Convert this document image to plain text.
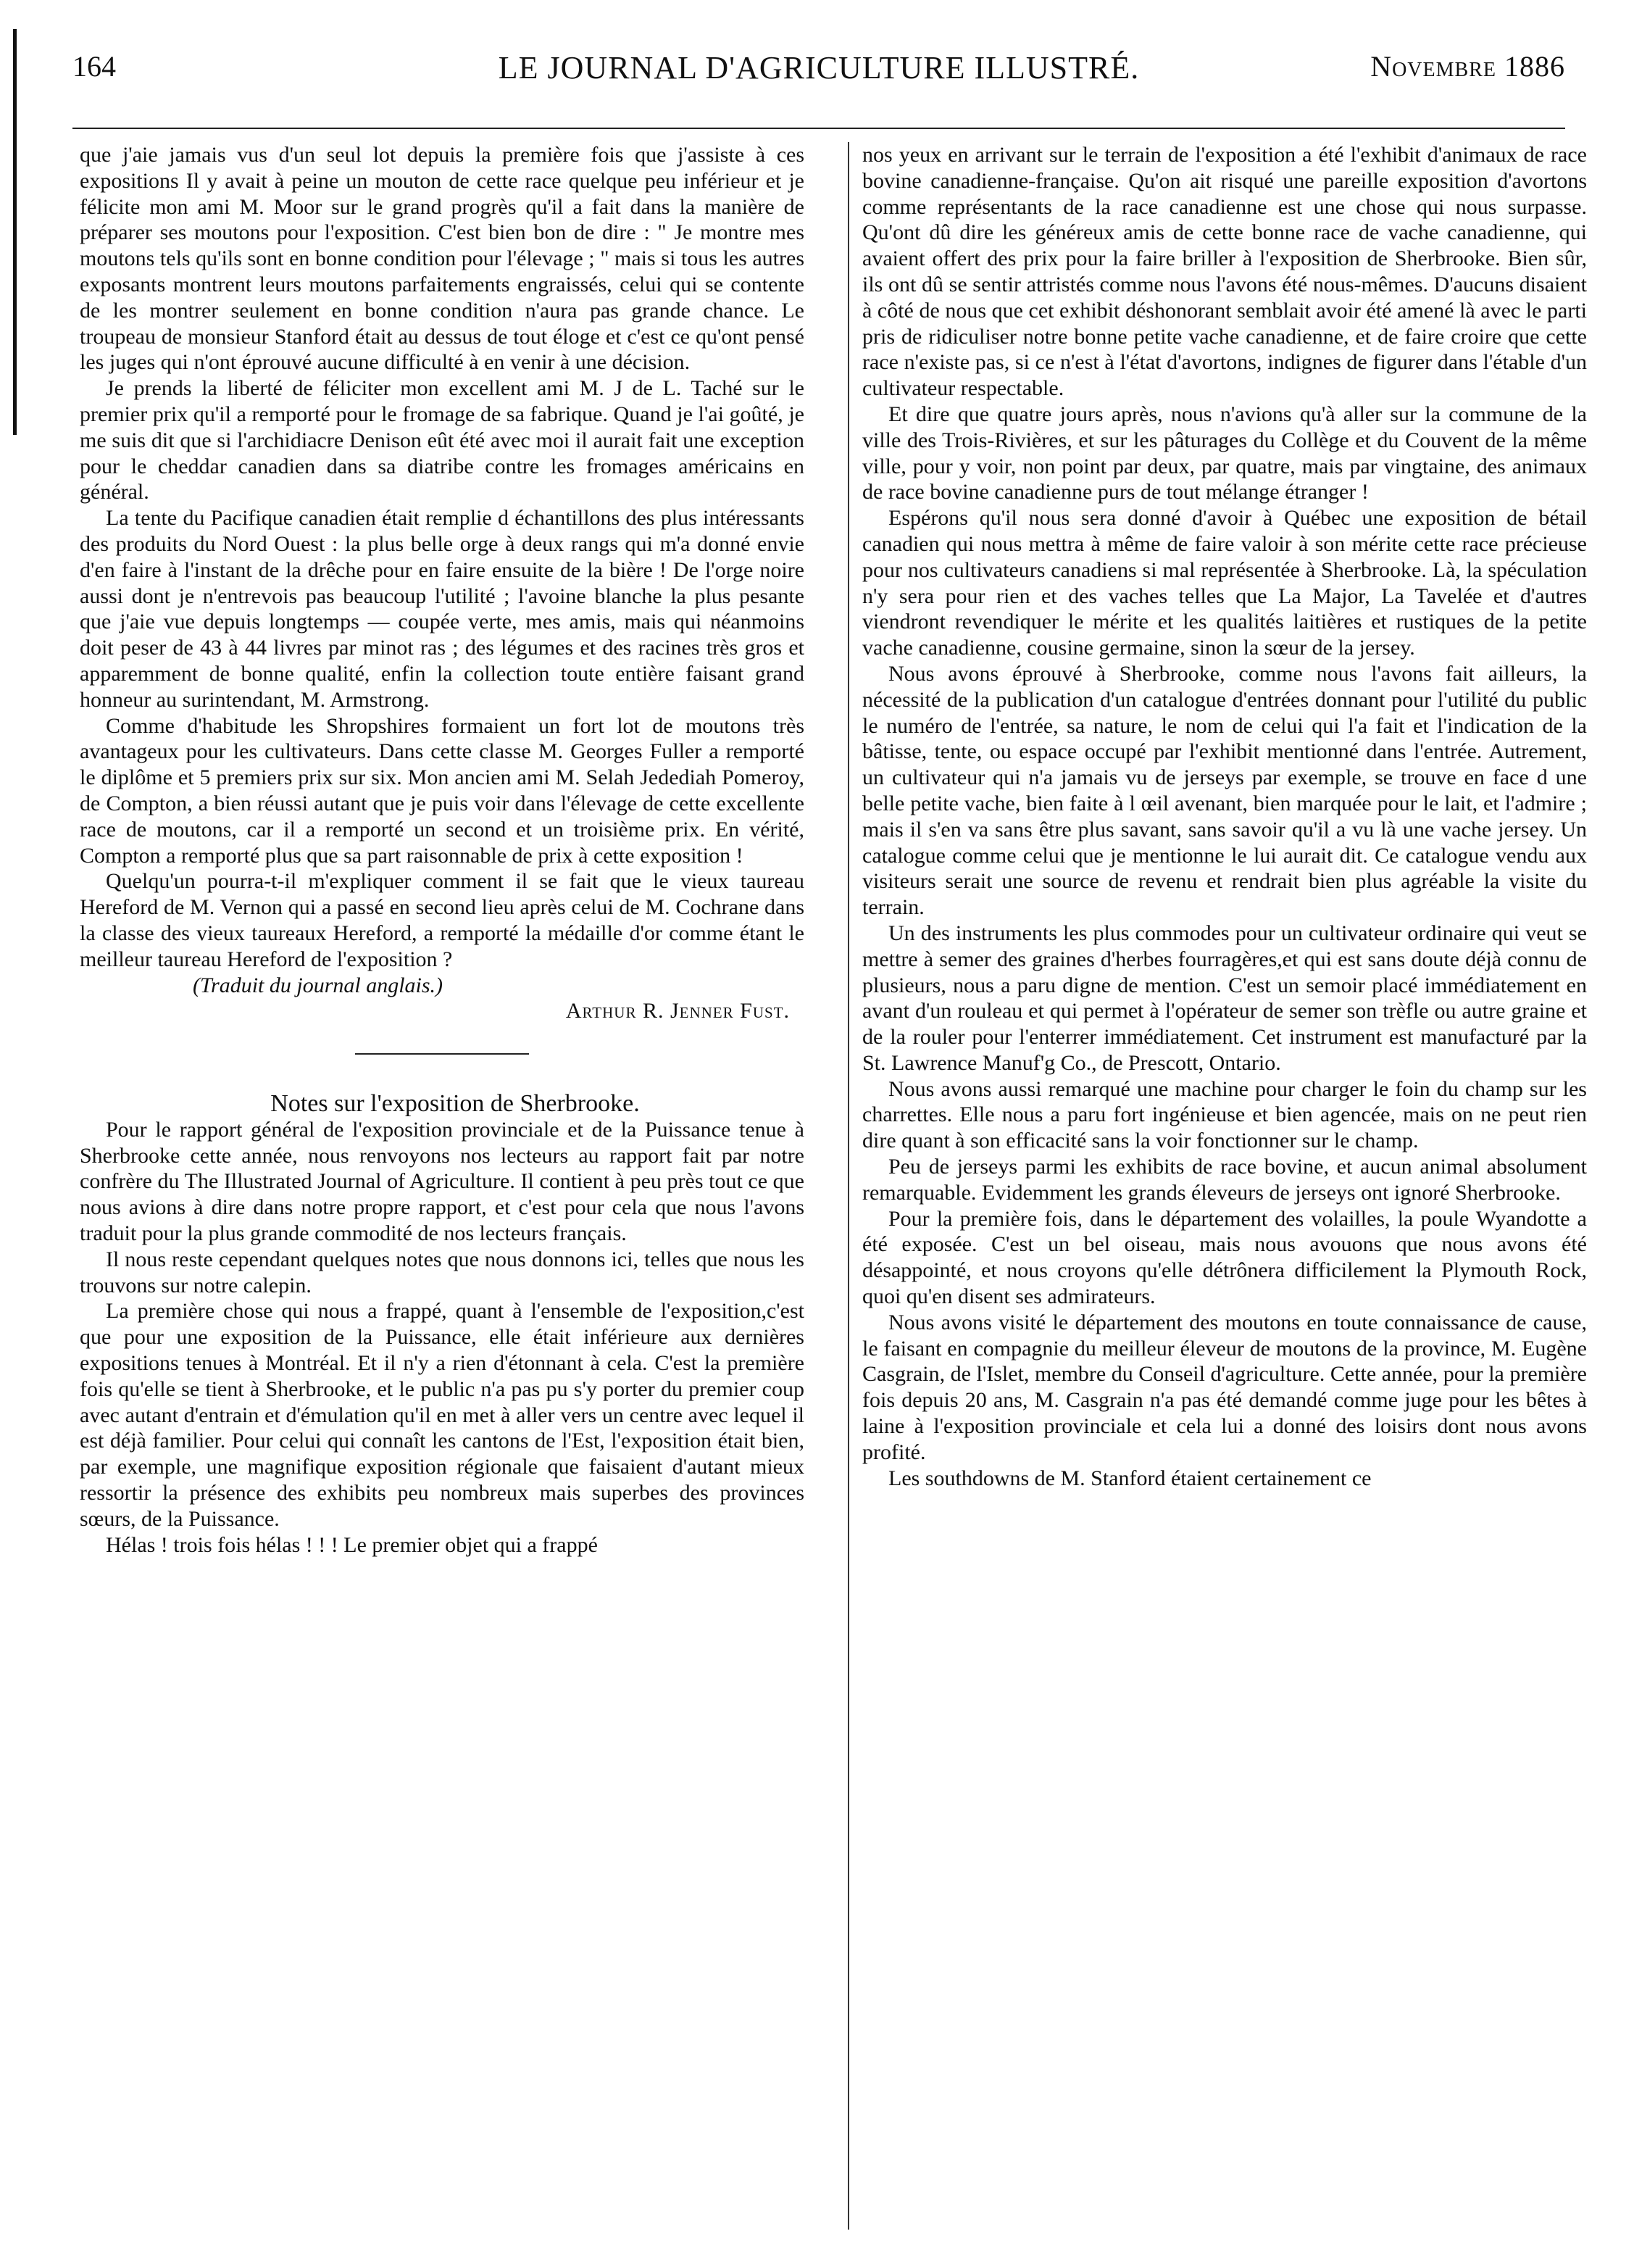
164	LE JOURNAL D'AGRICULTURE ILLUSTRÉ.	Novembre 1886

que j'aie jamais vus d'un seul lot depuis la première fois que j'assiste à ces expositions Il y avait à peine un mouton de cette race quelque peu inférieur et je félicite mon ami M. Moor sur le grand progrès qu'il a fait dans la manière de préparer ses moutons pour l'exposition. C'est bien bon de dire : " Je montre mes moutons tels qu'ils sont en bonne condition pour l'élevage ; " mais si tous les autres exposants montrent leurs moutons parfaitements engraissés, celui qui se contente de les montrer seulement en bonne condition n'aura pas grande chance. Le troupeau de monsieur Stanford était au dessus de tout éloge et c'est ce qu'ont pensé les juges qui n'ont éprouvé aucune difficulté à en venir à une décision.

Je prends la liberté de féliciter mon excellent ami M. J de L. Taché sur le premier prix qu'il a remporté pour le fromage de sa fabrique. Quand je l'ai goûté, je me suis dit que si l'archidiacre Denison eût été avec moi il aurait fait une exception pour le cheddar canadien dans sa diatribe contre les fromages américains en général.

La tente du Pacifique canadien était remplie d échantillons des plus intéressants des produits du Nord Ouest : la plus belle orge à deux rangs qui m'a donné envie d'en faire à l'instant de la drêche pour en faire ensuite de la bière ! De l'orge noire aussi dont je n'entrevois pas beaucoup l'utilité ; l'avoine blanche la plus pesante que j'aie vue depuis longtemps — coupée verte, mes amis, mais qui néanmoins doit peser de 43 à 44 livres par minot ras ; des légumes et des racines très gros et apparemment de bonne qualité, enfin la collection toute entière faisant grand honneur au surintendant, M. Armstrong.

Comme d'habitude les Shropshires formaient un fort lot de moutons très avantageux pour les cultivateurs. Dans cette classe M. Georges Fuller a remporté le diplôme et 5 premiers prix sur six. Mon ancien ami M. Selah Jedediah Pomeroy, de Compton, a bien réussi autant que je puis voir dans l'élevage de cette excellente race de moutons, car il a remporté un second et un troisième prix. En vérité, Compton a remporté plus que sa part raisonnable de prix à cette exposition !

Quelqu'un pourra-t-il m'expliquer comment il se fait que le vieux taureau Hereford de M. Vernon qui a passé en second lieu après celui de M. Cochrane dans la classe des vieux taureaux Hereford, a remporté la médaille d'or comme étant le meilleur taureau Hereford de l'exposition ?

(Traduit du journal anglais.)

Arthur R. Jenner Fust.

Notes sur l'exposition de Sherbrooke.

Pour le rapport général de l'exposition provinciale et de la Puissance tenue à Sherbrooke cette année, nous renvoyons nos lecteurs au rapport fait par notre confrère du The Illustrated Journal of Agriculture. Il contient à peu près tout ce que nous avions à dire dans notre propre rapport, et c'est pour cela que nous l'avons traduit pour la plus grande commodité de nos lecteurs français.

Il nous reste cependant quelques notes que nous donnons ici, telles que nous les trouvons sur notre calepin.

La première chose qui nous a frappé, quant à l'ensemble de l'exposition,c'est que pour une exposition de la Puissance, elle était inférieure aux dernières expositions tenues à Montréal. Et il n'y a rien d'étonnant à cela. C'est la première fois qu'elle se tient à Sherbrooke, et le public n'a pas pu s'y porter du premier coup avec autant d'entrain et d'émulation qu'il en met à aller vers un centre avec lequel il est déjà familier. Pour celui qui connaît les cantons de l'Est, l'exposition était bien, par exemple, une magnifique exposition régionale que faisaient d'autant mieux ressortir la présence des exhibits peu nombreux mais superbes des provinces sœurs, de la Puissance.

Hélas ! trois fois hélas ! ! ! Le premier objet qui a frappé

nos yeux en arrivant sur le terrain de l'exposition a été l'exhibit d'animaux de race bovine canadienne-française. Qu'on ait risqué une pareille exposition d'avortons comme représentants de la race canadienne est une chose qui nous surpasse. Qu'ont dû dire les généreux amis de cette bonne race de vache canadienne, qui avaient offert des prix pour la faire briller à l'exposition de Sherbrooke. Bien sûr, ils ont dû se sentir attristés comme nous l'avons été nous-mêmes. D'aucuns disaient à côté de nous que cet exhibit déshonorant semblait avoir été amené là avec le parti pris de ridiculiser notre bonne petite vache canadienne, et de faire croire que cette race n'existe pas, si ce n'est à l'état d'avortons, indignes de figurer dans l'étable d'un cultivateur respectable.

Et dire que quatre jours après, nous n'avions qu'à aller sur la commune de la ville des Trois-Rivières, et sur les pâturages du Collège et du Couvent de la même ville, pour y voir, non point par deux, par quatre, mais par vingtaine, des animaux de race bovine canadienne purs de tout mélange étranger !

Espérons qu'il nous sera donné d'avoir à Québec une exposition de bétail canadien qui nous mettra à même de faire valoir à son mérite cette race précieuse pour nos cultivateurs canadiens si mal représentée à Sherbrooke. Là, la spéculation n'y sera pour rien et des vaches telles que La Major, La Tavelée et d'autres viendront revendiquer le mérite et les qualités laitières et rustiques de la petite vache canadienne, cousine germaine, sinon la sœur de la jersey.

Nous avons éprouvé à Sherbrooke, comme nous l'avons fait ailleurs, la nécessité de la publication d'un catalogue d'entrées donnant pour l'utilité du public le numéro de l'entrée, sa nature, le nom de celui qui l'a fait et l'indication de la bâtisse, tente, ou espace occupé par l'exhibit mentionné dans l'entrée. Autrement, un cultivateur qui n'a jamais vu de jerseys par exemple, se trouve en face d une belle petite vache, bien faite à l œil avenant, bien marquée pour le lait, et l'admire ; mais il s'en va sans être plus savant, sans savoir qu'il a vu là une vache jersey. Un catalogue comme celui que je mentionne le lui aurait dit. Ce catalogue vendu aux visiteurs serait une source de revenu et rendrait bien plus agréable la visite du terrain.

Un des instruments les plus commodes pour un cultivateur ordinaire qui veut se mettre à semer des graines d'herbes fourragères,et qui est sans doute déjà connu de plusieurs, nous a paru digne de mention. C'est un semoir placé immédiatement en avant d'un rouleau et qui permet à l'opérateur de semer son trèfle ou autre graine et de la rouler pour l'enterrer immédiatement. Cet instrument est manufacturé par la St. Lawrence Manuf'g Co., de Prescott, Ontario.

Nous avons aussi remarqué une machine pour charger le foin du champ sur les charrettes. Elle nous a paru fort ingénieuse et bien agencée, mais on ne peut rien dire quant à son efficacité sans la voir fonctionner sur le champ.

Peu de jerseys parmi les exhibits de race bovine, et aucun animal absolument remarquable. Evidemment les grands éleveurs de jerseys ont ignoré Sherbrooke.

Pour la première fois, dans le département des volailles, la poule Wyandotte a été exposée. C'est un bel oiseau, mais nous avouons que nous avons été désappointé, et nous croyons qu'elle détrônera difficilement la Plymouth Rock, quoi qu'en disent ses admirateurs.

Nous avons visité le département des moutons en toute connaissance de cause, le faisant en compagnie du meilleur éleveur de moutons de la province, M. Eugène Casgrain, de l'Islet, membre du Conseil d'agriculture. Cette année, pour la première fois depuis 20 ans, M. Casgrain n'a pas été demandé comme juge pour les bêtes à laine à l'exposition provinciale et cela lui a donné des loisirs dont nous avons profité.

Les southdowns de M. Stanford étaient certainement ce
